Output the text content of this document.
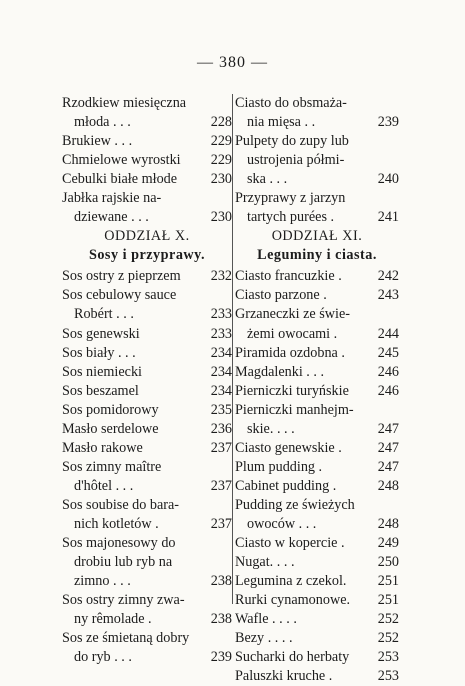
— 380 —
Rzodkiew miesięczna
młoda . . .	228
Brukiew . . .	229
Chmielowe wyrostki 229
Cebulki białe młode 230
Jabłka rajskie na-
dziewane . . .	230
ODDZIAŁ X.
Sosy i przyprawy.
Sos ostry z pieprzem 232
Sos cebulowy sauce
Robért . . .	233
Sos genewski	233
Sos biały . . .	234
Sos niemiecki	234
Sos beszamel	234
Sos pomidorowy	235
Masło serdelowe	236
Masło rakowe	237
Sos zimny maître
d'hôtel . . .	237
Sos soubise do bara-
nich kotletów .	237
Sos majonesowy do
drobiu lub ryb na
zimno . . .	238
Sos ostry zimny zwa-
ny rêmolade .	238
Sos ze śmietaną dobry
do ryb . . .	239
Ciasto do obsmaża-
nia mięsa . .	239
Pulpety do zupy lub
ustrojenia półmi-
ska . . .	240
Przyprawy z jarzyn
tartych purées .	241
ODDZIAŁ XI.
Leguminy i ciasta.
Ciasto francuzkie .	242
Ciasto parzone .	243
Grzaneczki ze świe-
żemi owocami .	244
Piramida ozdobna . 245
Magdalenki . . .	246
Pierniczki turyńskie 246
Pierniczki manhejm-
skie. . . .	247
Ciasto genewskie .	247
Plum pudding .	247
Cabinet pudding .	248
Pudding ze świeżych
owoców . . .	248
Ciasto w kopercie . 249
Nugat. . . .	250
Legumina z czekol. 251
Rurki cynamonowe. 251
Wafle . . . .	252
Bezy . . . .	252
Sucharki do herbaty 253
Paluszki kruche .	253
